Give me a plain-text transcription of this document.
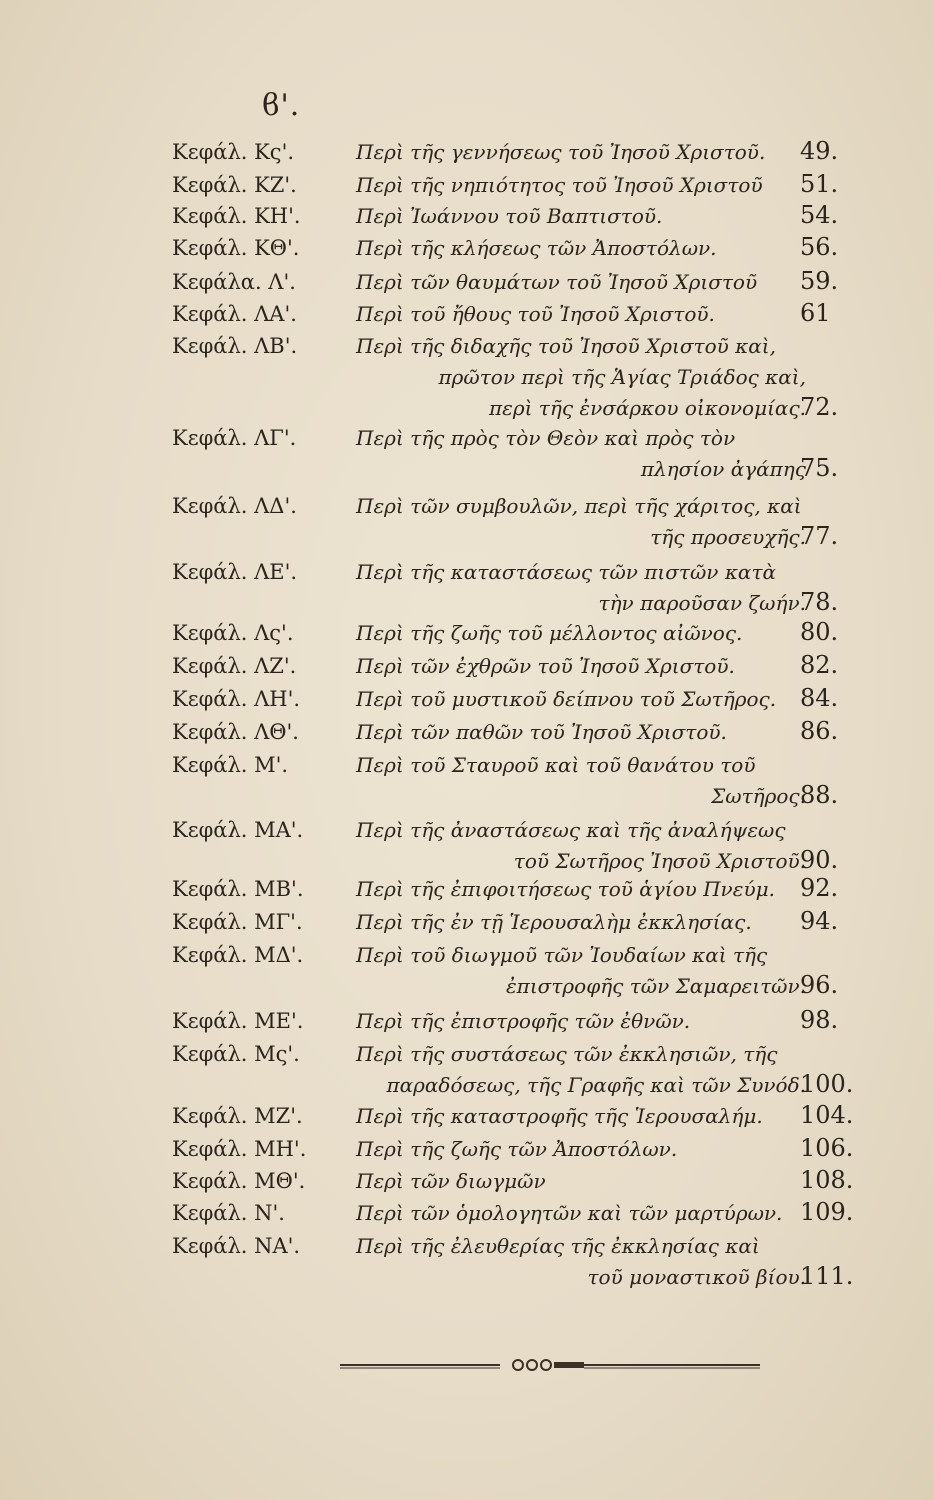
ϐ'.
Κεφάλ. Κς'.	Περὶ τῆς γεννήσεως τοῦ Ἰησοῦ Χριστοῦ.	49.
Κεφάλ. ΚΖ'.	Περὶ τῆς νηπιότητος τοῦ Ἰησοῦ Χριστοῦ	51.
Κεφάλ. ΚΗ'.	Περὶ Ἰωάννου τοῦ Βαπτιστοῦ.	54.
Κεφάλ. ΚΘ'.	Περὶ τῆς κλήσεως τῶν Ἀποστόλων.	56.
Κεφάλα. Λ'.	Περὶ τῶν θαυμάτων τοῦ Ἰησοῦ Χριστοῦ	59.
Κεφάλ. ΛΑ'.	Περὶ τοῦ ἤθους τοῦ Ἰησοῦ Χριστοῦ.	61
Κεφάλ. ΛΒ'.	Περὶ τῆς διδαχῆς τοῦ Ἰησοῦ Χριστοῦ καὶ,
πρῶτον περὶ τῆς Ἁγίας Τριάδος καὶ,
περὶ τῆς ἐνσάρκου οἰκονομίας.
72.
Κεφάλ. ΛΓ'.	Περὶ τῆς πρὸς τὸν Θεὸν καὶ πρὸς τὸν
πλησίον ἀγάπης
75.
Κεφάλ. ΛΔ'.	Περὶ τῶν συμβουλῶν, περὶ τῆς χάριτος, καὶ
τῆς προσευχῆς.
77.
Κεφάλ. ΛΕ'.	Περὶ τῆς καταστάσεως τῶν πιστῶν κατὰ
τὴν παροῦσαν ζωήν.
78.
Κεφάλ. Λς'.	Περὶ τῆς ζωῆς τοῦ μέλλοντος αἰῶνος.	80.
Κεφάλ. ΛΖ'.	Περὶ τῶν ἐχθρῶν τοῦ Ἰησοῦ Χριστοῦ.	82.
Κεφάλ. ΛΗ'.	Περὶ τοῦ μυστικοῦ δείπνου τοῦ Σωτῆρος. 84.
Κεφάλ. ΛΘ'.	Περὶ τῶν παθῶν τοῦ Ἰησοῦ Χριστοῦ.	86.
Κεφάλ. Μ'.	Περὶ τοῦ Σταυροῦ καὶ τοῦ θανάτου τοῦ
Σωτῆρος.
88.
Κεφάλ. ΜΑ'.	Περὶ τῆς ἀναστάσεως καὶ τῆς ἀναλήψεως
τοῦ Σωτῆρος Ἰησοῦ Χριστοῦ.
90.
Κεφάλ. ΜΒ'.	Περὶ τῆς ἐπιφοιτήσεως τοῦ ἁγίου Πνεύμ.	92.
Κεφάλ. ΜΓ'.	Περὶ τῆς ἐν τῇ Ἱερουσαλὴμ ἐκκλησίας.	94.
Κεφάλ. ΜΔ'.	Περὶ τοῦ διωγμοῦ τῶν Ἰουδαίων καὶ τῆς
ἐπιστροφῆς τῶν Σαμαρειτῶν.
96.
Κεφάλ. ΜΕ'.	Περὶ τῆς ἐπιστροφῆς τῶν ἐθνῶν.	98.
Κεφάλ. Μς'.	Περὶ τῆς συστάσεως τῶν ἐκκλησιῶν, τῆς
παραδόσεως, τῆς Γραφῆς καὶ τῶν Συνόδ.
100.
Κεφάλ. ΜΖ'.	Περὶ τῆς καταστροφῆς τῆς Ἱερουσαλήμ.	104.
Κεφάλ. ΜΗ'.	Περὶ τῆς ζωῆς τῶν Ἀποστόλων.	106.
Κεφάλ. ΜΘ'.	Περὶ τῶν διωγμῶν	108.
Κεφάλ. Ν'.	Περὶ τῶν ὁμολογητῶν καὶ τῶν μαρτύρων. 109.
Κεφάλ. ΝΑ'.	Περὶ τῆς ἐλευθερίας τῆς ἐκκλησίας καὶ
τοῦ μοναστικοῦ βίου.
111.
